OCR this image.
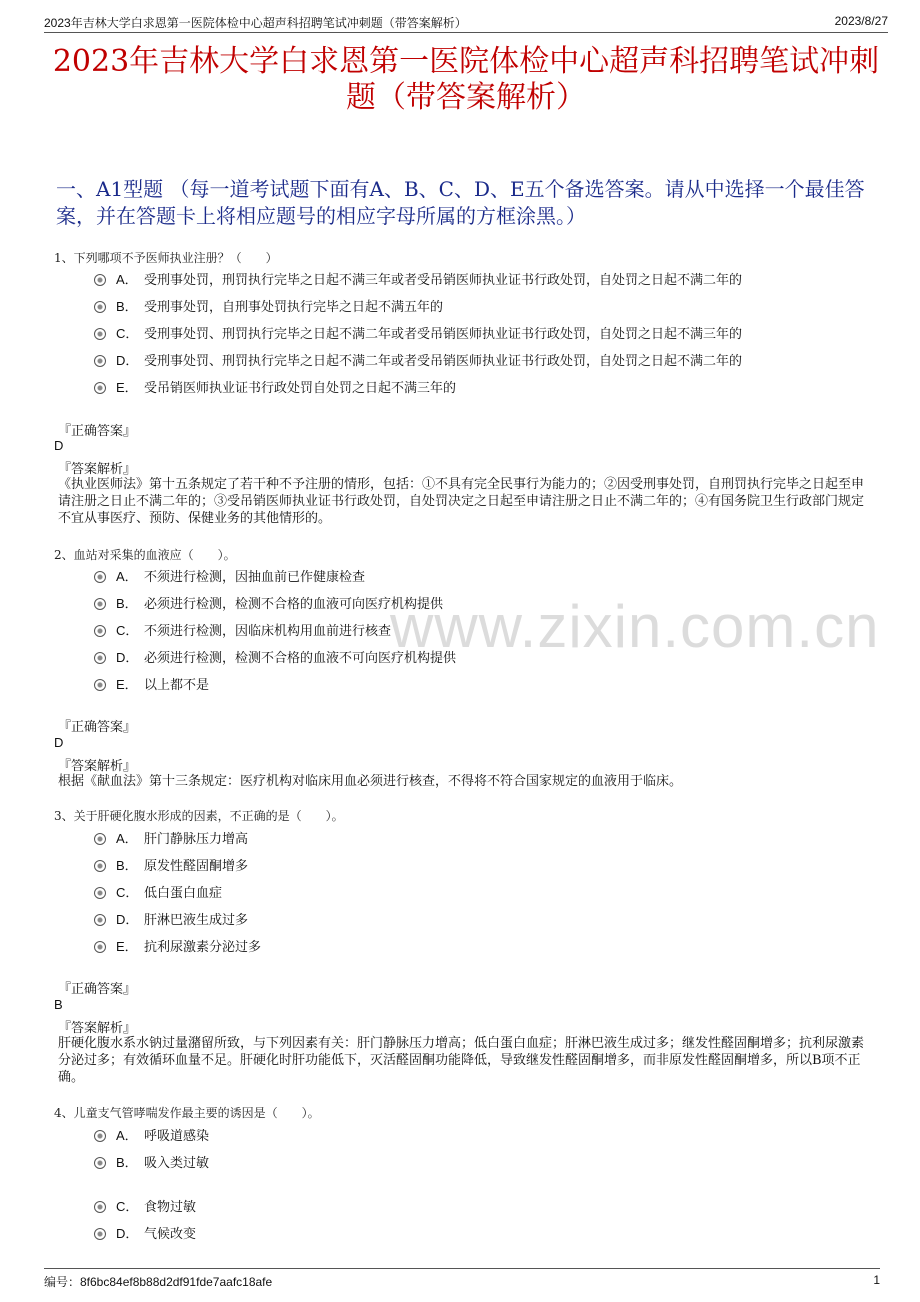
2023年吉林大学白求恩第一医院体检中心超声科招聘笔试冲刺题（带答案解析）	2023/8/27
2023年吉林大学白求恩第一医院体检中心超声科招聘笔试冲刺
题（带答案解析）
一、A1型题 （每一道考试题下面有A、B、C、D、E五个备选答案。请从中选择一个最佳答案，并在答题卡上将相应题号的相应字母所属的方框涂黑。）
www.zixin.com.cn
1、下列哪项不予医师执业注册？（　　）
A． 受刑事处罚，刑罚执行完毕之日起不满三年或者受吊销医师执业证书行政处罚，自处罚之日起不满二年的
B． 受刑事处罚，自刑事处罚执行完毕之日起不满五年的
C． 受刑事处罚、刑罚执行完毕之日起不满二年或者受吊销医师执业证书行政处罚，自处罚之日起不满三年的
D． 受刑事处罚、刑罚执行完毕之日起不满二年或者受吊销医师执业证书行政处罚，自处罚之日起不满二年的
E． 受吊销医师执业证书行政处罚自处罚之日起不满三年的
『正确答案』
D
『答案解析』
《执业医师法》第十五条规定了若干种不予注册的情形，包括：①不具有完全民事行为能力的；②因受刑事处罚，自刑罚执行完毕之日起至申请注册之日止不满二年的；③受吊销医师执业证书行政处罚，自处罚决定之日起至申请注册之日止不满二年的；④有国务院卫生行政部门规定不宜从事医疗、预防、保健业务的其他情形的。
2、血站对采集的血液应（　　）。
A． 不须进行检测，因抽血前已作健康检查
B． 必须进行检测，检测不合格的血液可向医疗机构提供
C． 不须进行检测，因临床机构用血前进行核查
D． 必须进行检测，检测不合格的血液不可向医疗机构提供
E． 以上都不是
『正确答案』
D
『答案解析』
根据《献血法》第十三条规定：医疗机构对临床用血必须进行核查，不得将不符合国家规定的血液用于临床。
3、关于肝硬化腹水形成的因素，不正确的是（　　）。
A． 肝门静脉压力增高
B． 原发性醛固酮增多
C． 低白蛋白血症
D． 肝淋巴液生成过多
E． 抗利尿激素分泌过多
『正确答案』
B
『答案解析』
肝硬化腹水系水钠过量潴留所致，与下列因素有关：肝门静脉压力增高；低白蛋白血症；肝淋巴液生成过多；继发性醛固酮增多；抗利尿激素分泌过多；有效循环血量不足。肝硬化时肝功能低下，灭活醛固酮功能降低，导致继发性醛固酮增多，而非原发性醛固酮增多，所以B项不正确。
4、儿童支气管哮喘发作最主要的诱因是（　　）。
A． 呼吸道感染
B． 吸入类过敏
C． 食物过敏
D． 气候改变
编号：8f6bc84ef8b88d2df91fde7aafc18afe	1
